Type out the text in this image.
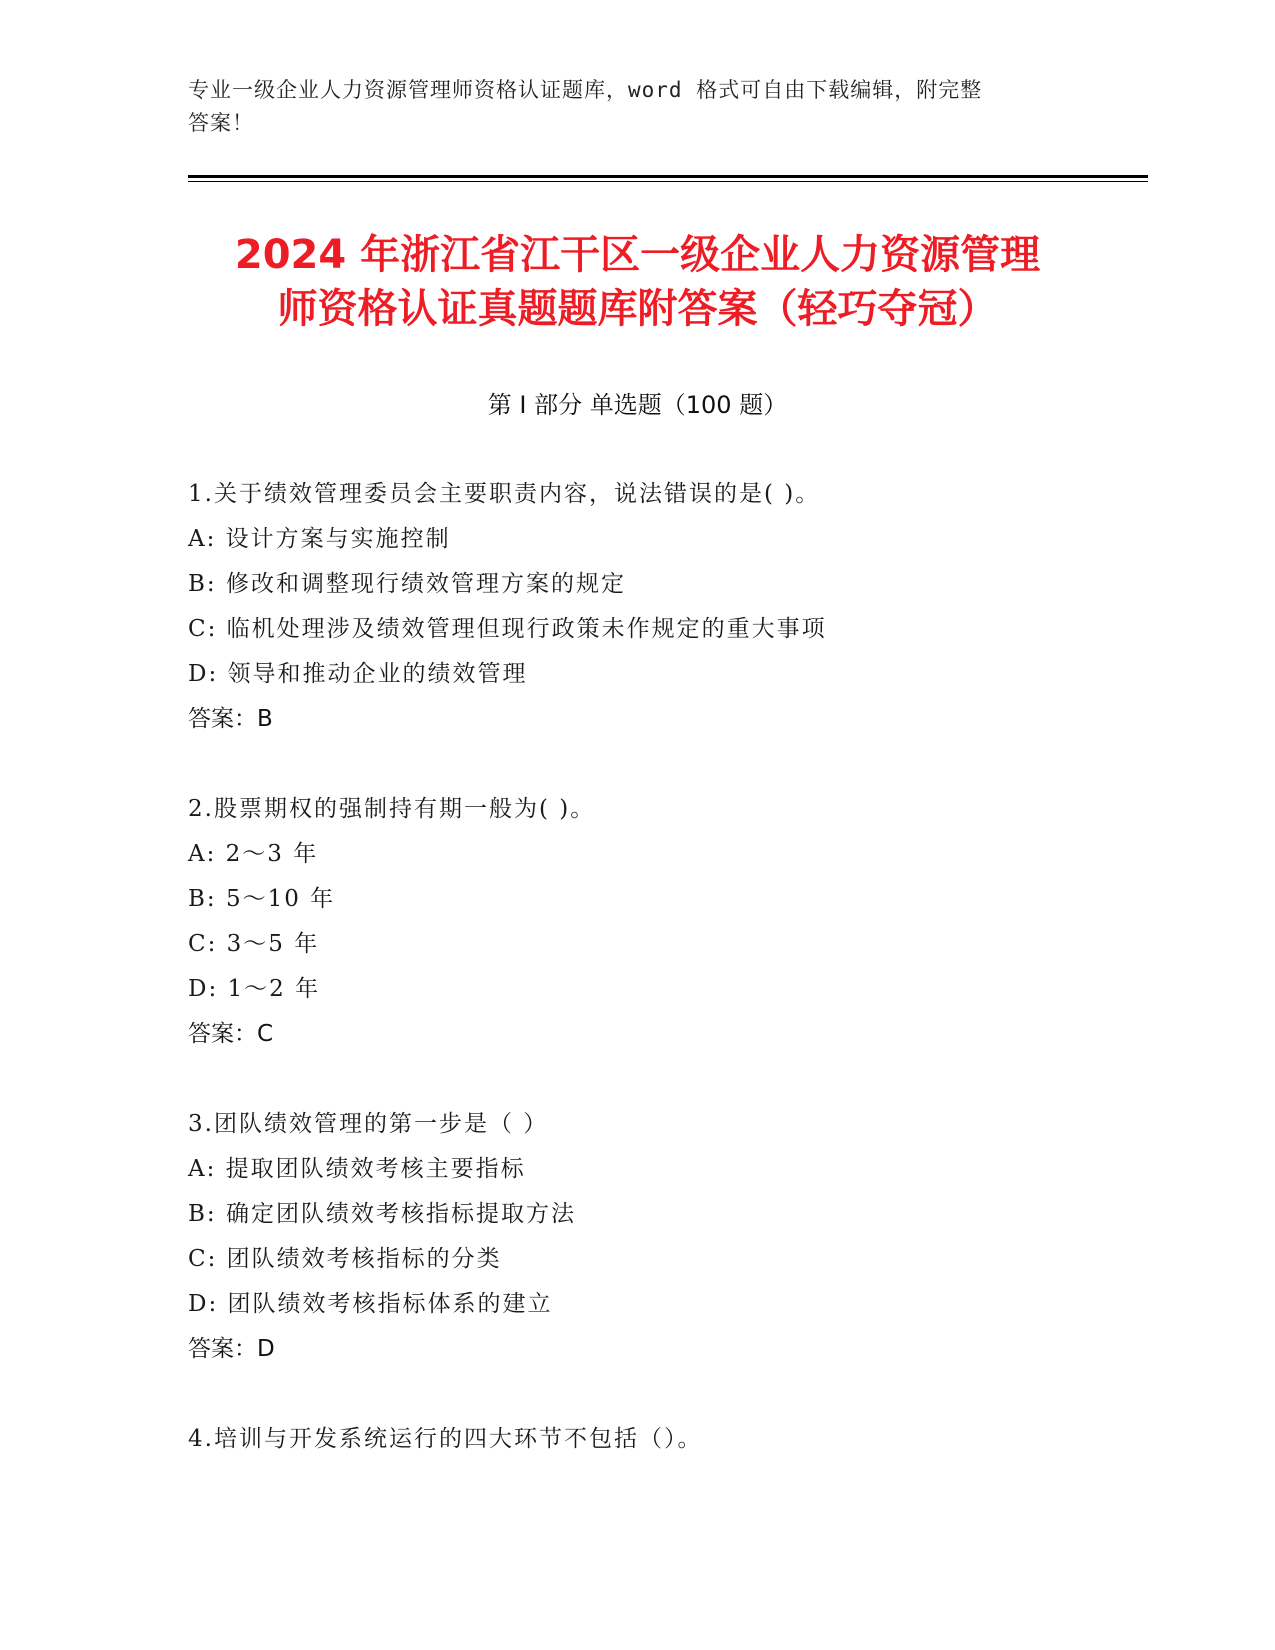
专业一级企业人力资源管理师资格认证题库，word 格式可自由下载编辑，附完整
答案！
2024 年浙江省江干区一级企业人力资源管理
师资格认证真题题库附答案（轻巧夺冠）
第 I 部分 单选题（100 题）
1.关于绩效管理委员会主要职责内容，说法错误的是( )。
A: 设计方案与实施控制
B: 修改和调整现行绩效管理方案的规定
C: 临机处理涉及绩效管理但现行政策未作规定的重大事项
D: 领导和推动企业的绩效管理
答案：B
2.股票期权的强制持有期一般为( )。
A: 2～3 年
B: 5～10 年
C: 3～5 年
D: 1～2 年
答案：C
3.团队绩效管理的第一步是（ ）
A: 提取团队绩效考核主要指标
B: 确定团队绩效考核指标提取方法
C: 团队绩效考核指标的分类
D: 团队绩效考核指标体系的建立
答案：D
4.培训与开发系统运行的四大环节不包括（）。
